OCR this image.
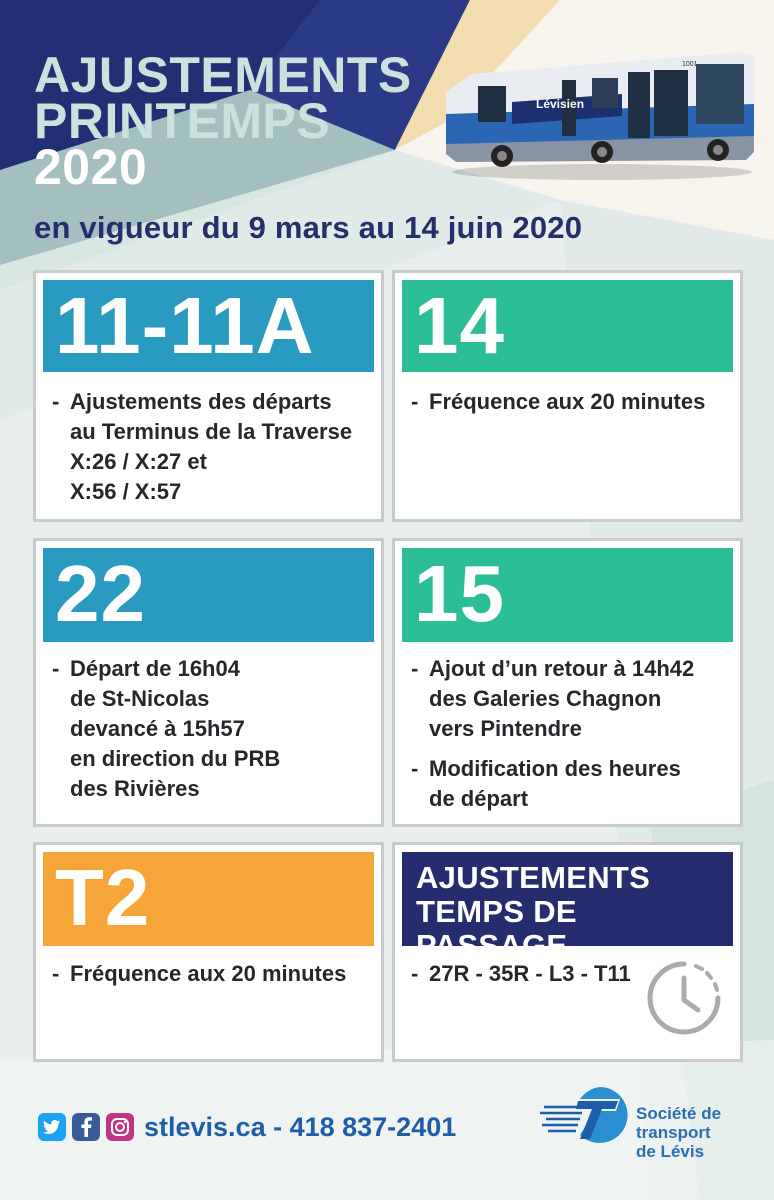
AJUSTEMENTS
PRINTEMPS
2020
en vigueur du 9 mars au 14 juin 2020
Lévisien
1001
11-11A
- Ajustements des départs
au Terminus de la Traverse
X:26 / X:27 et
X:56 / X:57
14
- Fréquence aux 20 minutes
22
- Départ de 16h04
de St-Nicolas
devancé à 15h57
en direction du PRB
des Rivières
15
- Ajout d’un retour à 14h42
des Galeries Chagnon
vers Pintendre
- Modification des heures
de départ
T2
- Fréquence aux 20 minutes
AJUSTEMENTS
TEMPS DE PASSAGE
- 27R - 35R - L3 - T11
stlevis.ca - 418 837-2401	Société de
transport
de Lévis
